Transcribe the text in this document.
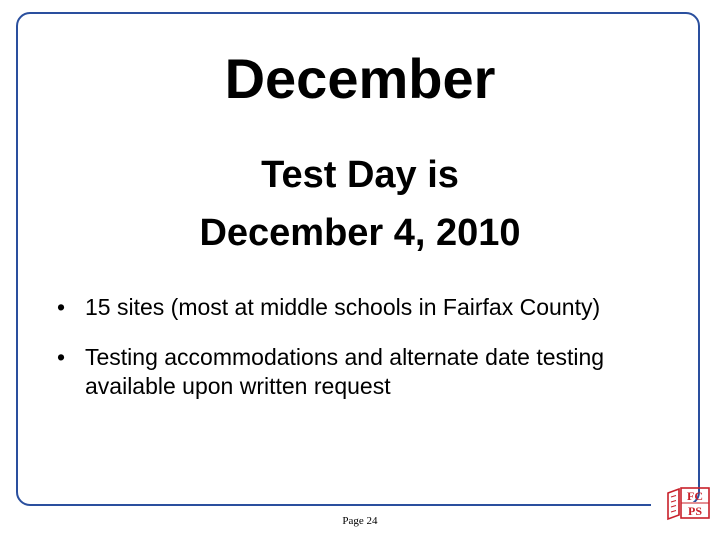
December
Test Day is
December 4, 2010
• 15 sites (most at middle schools in Fairfax County)
• Testing accommodations and alternate date testing available upon written request
Page 24
FC
PS
